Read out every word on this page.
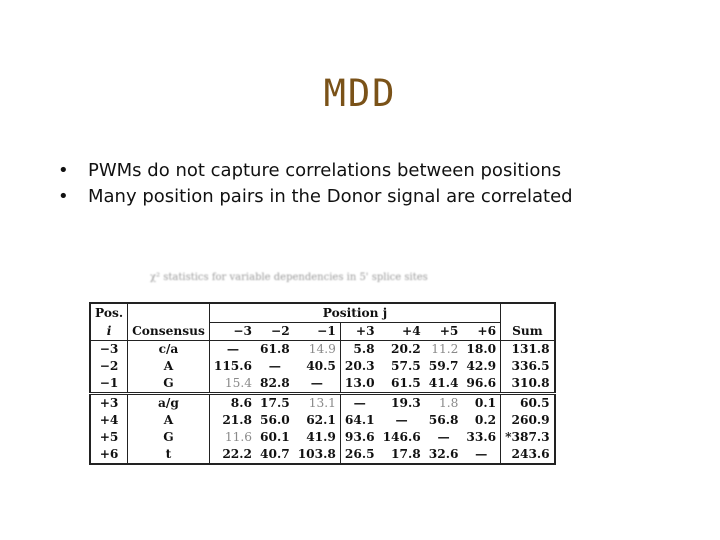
MDD
•	PWMs do not capture correlations between positions
•	Many position pairs in the Donor signal are correlated
χ² statistics for variable dependencies in 5' splice sites
Pos.		Position j							
i	Consensus	−3	−2	−1	+3	+4	+5	+6	Sum
−3	c/a	—	61.8	14.9	5.8	20.2	11.2	18.0	131.8
−2	A	115.6	—	40.5	20.3	57.5	59.7	42.9	336.5
−1	G	15.4	82.8	—	13.0	61.5	41.4	96.6	310.8
+3	a/g	8.6	17.5	13.1	—	19.3	1.8	0.1	60.5
+4	A	21.8	56.0	62.1	64.1	—	56.8	0.2	260.9
+5	G	11.6	60.1	41.9	93.6	146.6	—	33.6	*387.3
+6	t	22.2	40.7	103.8	26.5	17.8	32.6	—	243.6
